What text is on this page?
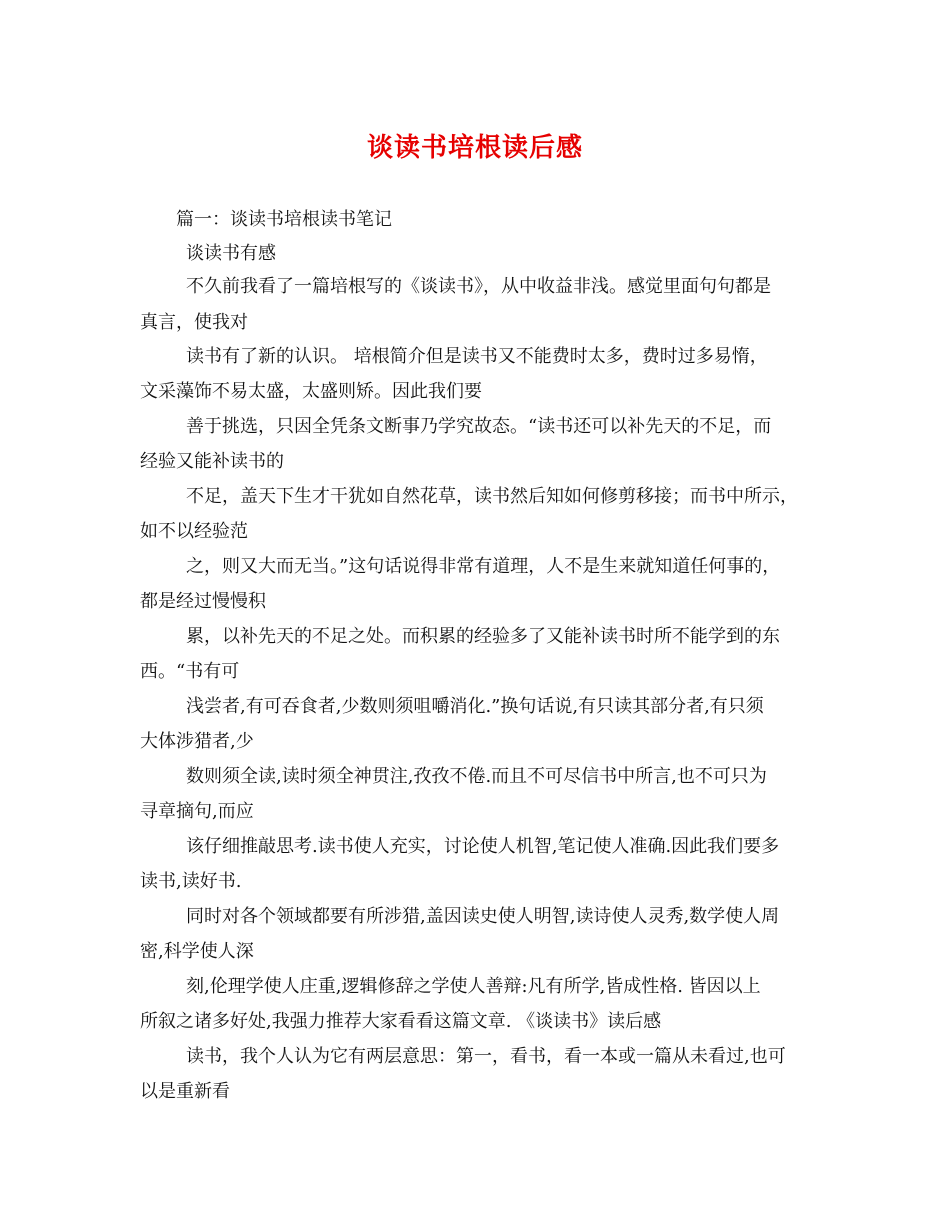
谈读书培根读后感
篇一：谈读书培根读书笔记
谈读书有感
不久前我看了一篇培根写的《谈读书》，从中收益非浅。感觉里面句句都是
真言，使我对
读书有了新的认识。 培根简介但是读书又不能费时太多，费时过多易惰，
文采藻饰不易太盛，太盛则矫。因此我们要
善于挑选，只因全凭条文断事乃学究故态。“读书还可以补先天的不足，而
经验又能补读书的
不足，盖天下生才干犹如自然花草，读书然后知如何修剪移接；而书中所示，
如不以经验范
之，则又大而无当。”这句话说得非常有道理，人不是生来就知道任何事的，
都是经过慢慢积
累，以补先天的不足之处。而积累的经验多了又能补读书时所不能学到的东
西。“书有可
浅尝者,有可吞食者,少数则须咀嚼消化.”换句话说,有只读其部分者,有只须
大体涉猎者,少
数则须全读,读时须全神贯注,孜孜不倦.而且不可尽信书中所言,也不可只为
寻章摘句,而应
该仔细推敲思考.读书使人充实，讨论使人机智,笔记使人准确.因此我们要多
读书,读好书.
同时对各个领域都要有所涉猎,盖因读史使人明智,读诗使人灵秀,数学使人周
密,科学使人深
刻,伦理学使人庄重,逻辑修辞之学使人善辩:凡有所学,皆成性格. 皆因以上
所叙之诸多好处,我强力推荐大家看看这篇文章. 《谈读书》读后感
读书，我个人认为它有两层意思：第一，看书，看一本或一篇从未看过,也可
以是重新看
